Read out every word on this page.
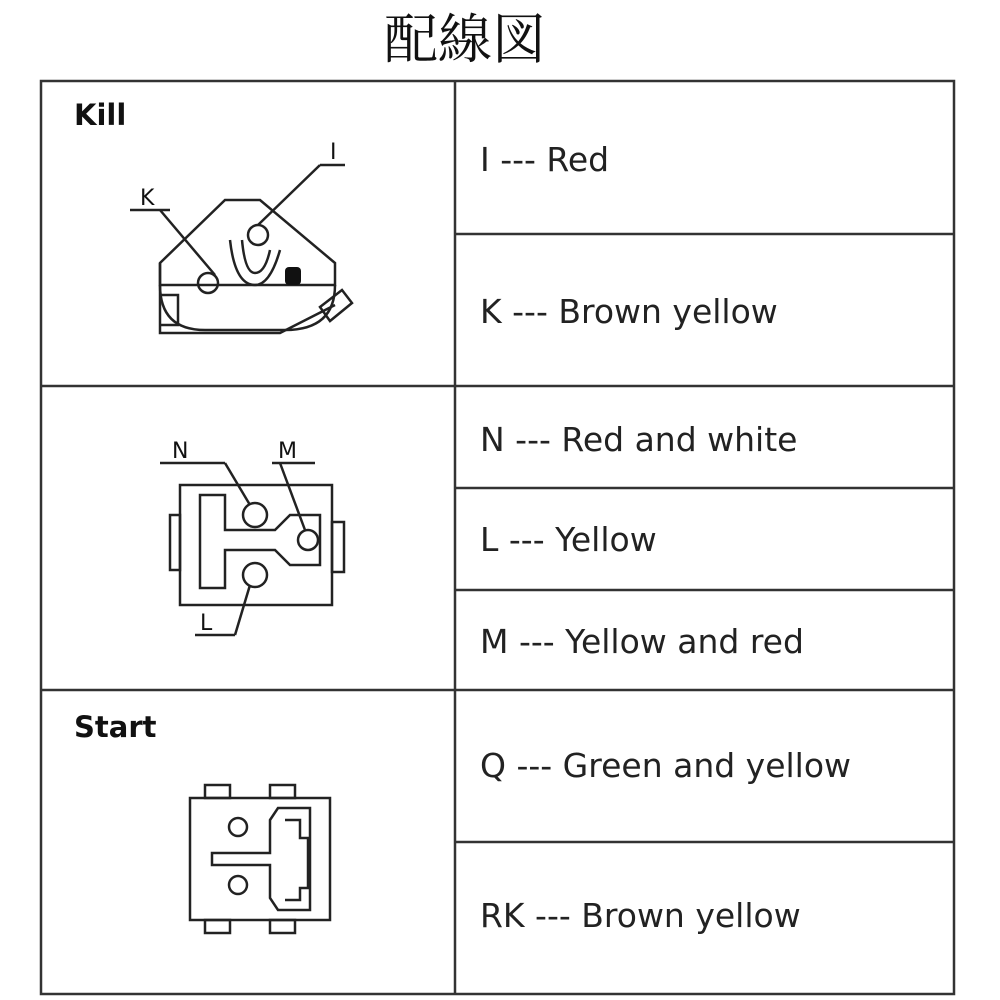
配線図
Kill
K
I	I --- Red
K --- Brown yellow
N	M
L
N --- Red and white
L --- Yellow
M --- Yellow and red
Start
Q --- Green and yellow
RK --- Brown yellow
